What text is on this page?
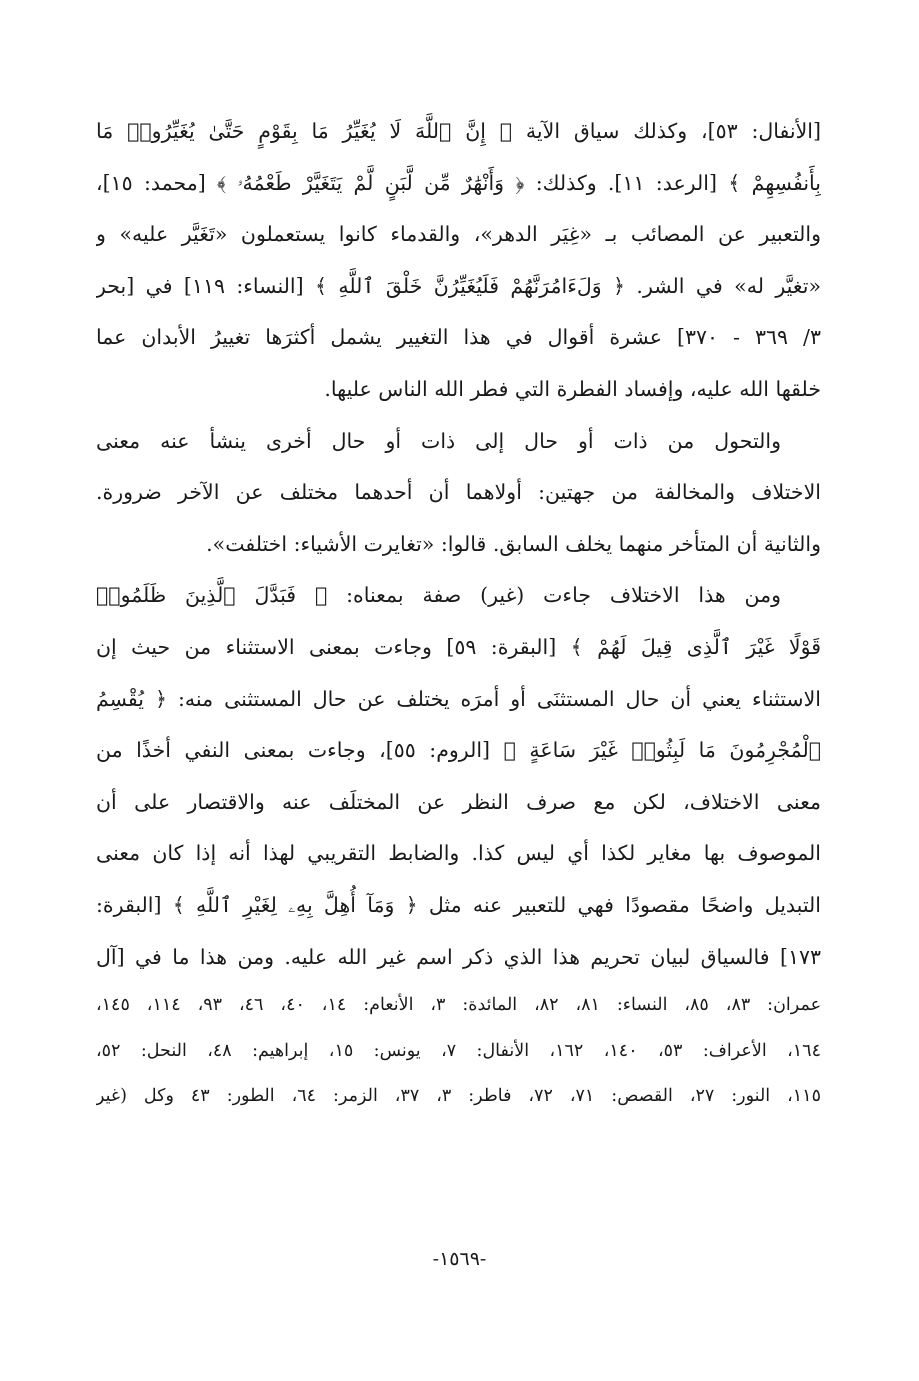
[الأنفال: ٥٣]، وكذلك سياق الآية ﴿ إِنَّ ٱللَّهَ لَا يُغَيِّرُ مَا بِقَوْمٍ حَتَّىٰ يُغَيِّرُوا۟ مَا
بِأَنفُسِهِمْ ﴾ [الرعد: ١١]. وكذلك: ﴿ وَأَنْهَٰرٌ مِّن لَّبَنٍ لَّمْ يَتَغَيَّرْ طَعْمُهُۥ ﴾ [محمد: ١٥]،
والتعبير عن المصائب بـ «غِيَر الدهر»، والقدماء كانوا يستعملون «تَغَيَّر عليه» و
«تغيَّر له» في الشر. ﴿ وَلَءَامُرَنَّهُمْ فَلَيُغَيِّرُنَّ خَلْقَ ٱللَّهِ ﴾ [النساء: ١١٩] في [بحر
٣/ ٣٦٩ - ٣٧٠] عشرة أقوال في هذا التغيير يشمل أكثرَها تغييرُ الأبدان عما
خلقها الله عليه، وإفساد الفطرة التي فطر الله الناس عليها.
والتحول من ذات أو حال إلى ذات أو حال أخرى ينشأ عنه معنى
الاختلاف والمخالفة من جهتين: أولاهما أن أحدهما مختلف عن الآخر ضرورة.
والثانية أن المتأخر منهما يخلف السابق. قالوا: «تغايرت الأشياء: اختلفت».
ومن هذا الاختلاف جاءت (غير) صفة بمعناه: ﴿ فَبَدَّلَ ٱلَّذِينَ ظَلَمُوا۟
قَوْلًا غَيْرَ ٱلَّذِى قِيلَ لَهُمْ ﴾ [البقرة: ٥٩] وجاءت بمعنى الاستثناء من حيث إن
الاستثناء يعني أن حال المستثنَى أو أمرَه يختلف عن حال المستثنى منه: ﴿ يُقْسِمُ
ٱلْمُجْرِمُونَ مَا لَبِثُوا۟ غَيْرَ سَاعَةٍ ﴾ [الروم: ٥٥]، وجاءت بمعنى النفي أخذًا من
معنى الاختلاف، لكن مع صرف النظر عن المختلَف عنه والاقتصار على أن
الموصوف بها مغاير لكذا أي ليس كذا. والضابط التقريبي لهذا أنه إذا كان معنى
التبديل واضحًا مقصودًا فهي للتعبير عنه مثل ﴿ وَمَآ أُهِلَّ بِهِۦ لِغَيْرِ ٱللَّهِ ﴾ [البقرة:
١٧٣] فالسياق لبيان تحريم هذا الذي ذكر اسم غير الله عليه. ومن هذا ما في [آل
عمران: ٨٣، ٨٥، النساء: ٨١، ٨٢، المائدة: ٣، الأنعام: ١٤، ٤٠، ٤٦، ٩٣، ١١٤، ١٤٥،
١٦٤، الأعراف: ٥٣، ١٤٠، ١٦٢، الأنفال: ٧، يونس: ١٥، إبراهيم: ٤٨، النحل: ٥٢،
١١٥، النور: ٢٧، القصص: ٧١، ٧٢، فاطر: ٣، ٣٧، الزمر: ٦٤، الطور: ٤٣ وكل (غير
-١٥٦٩-
